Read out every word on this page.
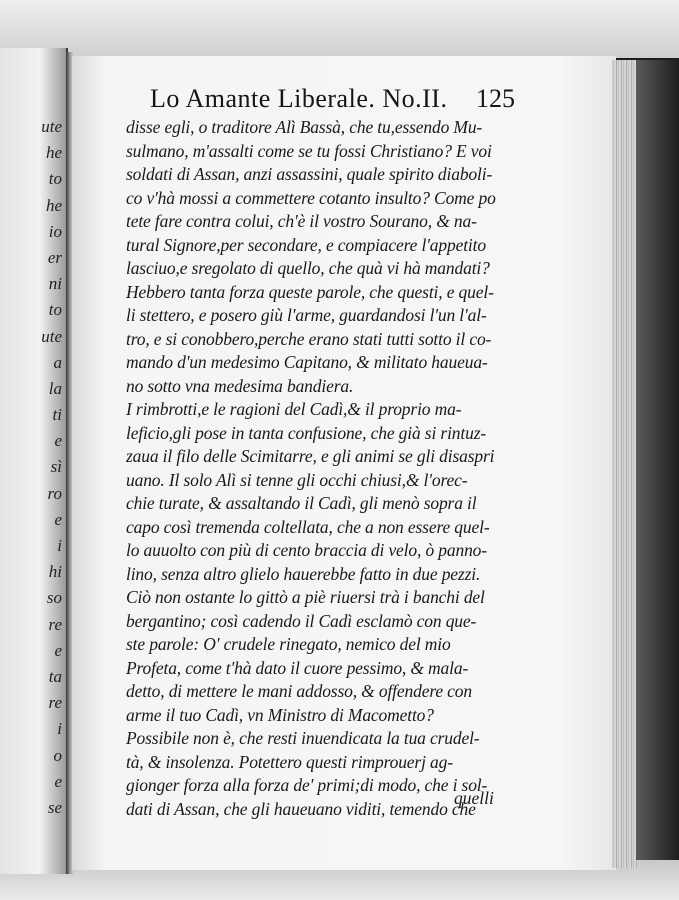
ute
he
to
he
io
er
ni
to
ute
a
la
ti
e
sì
ro
e
i
hi
so
re
e
ta
re
i
o
e
se
Lo Amante Liberale. No.II. 125
disse egli, o traditore Alì Bassà, che tu,essendo Mu-
sulmano, m'assalti come se tu fossi Christiano? E voi
soldati di Assan, anzi assassini, quale spirito diaboli-
co v'hà mossi a commettere cotanto insulto? Come po
tete fare contra colui, ch'è il vostro Sourano, & na-
tural Signore,per secondare, e compiacere l'appetito
lasciuo,e sregolato di quello, che quà vi hà mandati?
Hebbero tanta forza queste parole, che questi, e quel-
li stettero, e posero giù l'arme, guardandosi l'un l'al-
tro, e si conobbero,perche erano stati tutti sotto il co-
mando d'un medesimo Capitano, & militato haueua-
no sotto vna medesima bandiera.
I rimbrotti,e le ragioni del Cadì,& il proprio ma-
leficio,gli pose in tanta confusione, che già si rintuz-
zaua il filo delle Scimitarre, e gli animi se gli disaspri
uano. Il solo Alì si tenne gli occhi chiusi,& l'orec-
chie turate, & assaltando il Cadì, gli menò sopra il
capo così tremenda coltellata, che a non essere quel-
lo auuolto con più di cento braccia di velo, ò panno-
lino, senza altro glielo hauerebbe fatto in due pezzi.
Ciò non ostante lo gittò a piè riuersi trà i banchi del
bergantino; così cadendo il Cadì esclamò con que-
ste parole: O' crudele rinegato, nemico del mio
Profeta, come t'hà dato il cuore pessimo, & mala-
detto, di mettere le mani addosso, & offendere con
arme il tuo Cadì, vn Ministro di Macometto?
Possibile non è, che resti inuendicata la tua crudel-
tà, & insolenza. Potettero questi rimprouerj ag-
gionger forza alla forza de' primi;di modo, che i sol-
dati di Assan, che gli haueuano viditi, temendo che
quelli
